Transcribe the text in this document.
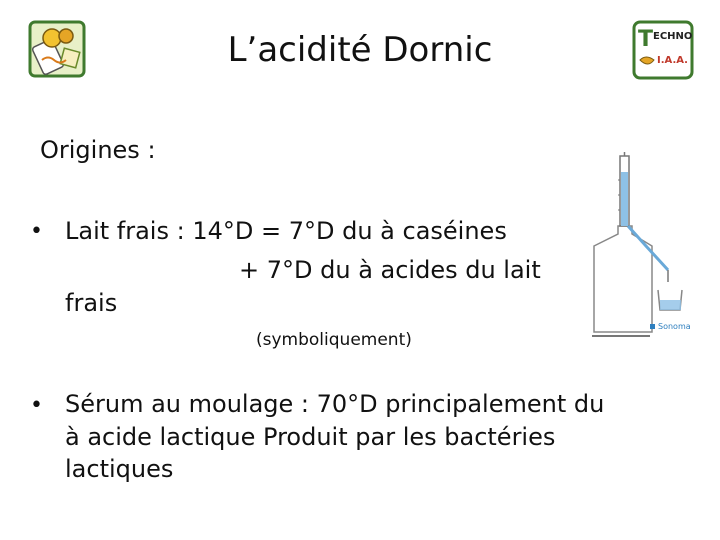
L’acidité Dornic	T ECHNO
I.A.A.
Origines :
• Lait frais : 14°D = 7°D du à caséines
+ 7°D du à acides du lait
frais
(symboliquement)
• Sérum au moulage : 70°D principalement du
à acide lactique Produit par les bactéries
lactiques
Sonoma
